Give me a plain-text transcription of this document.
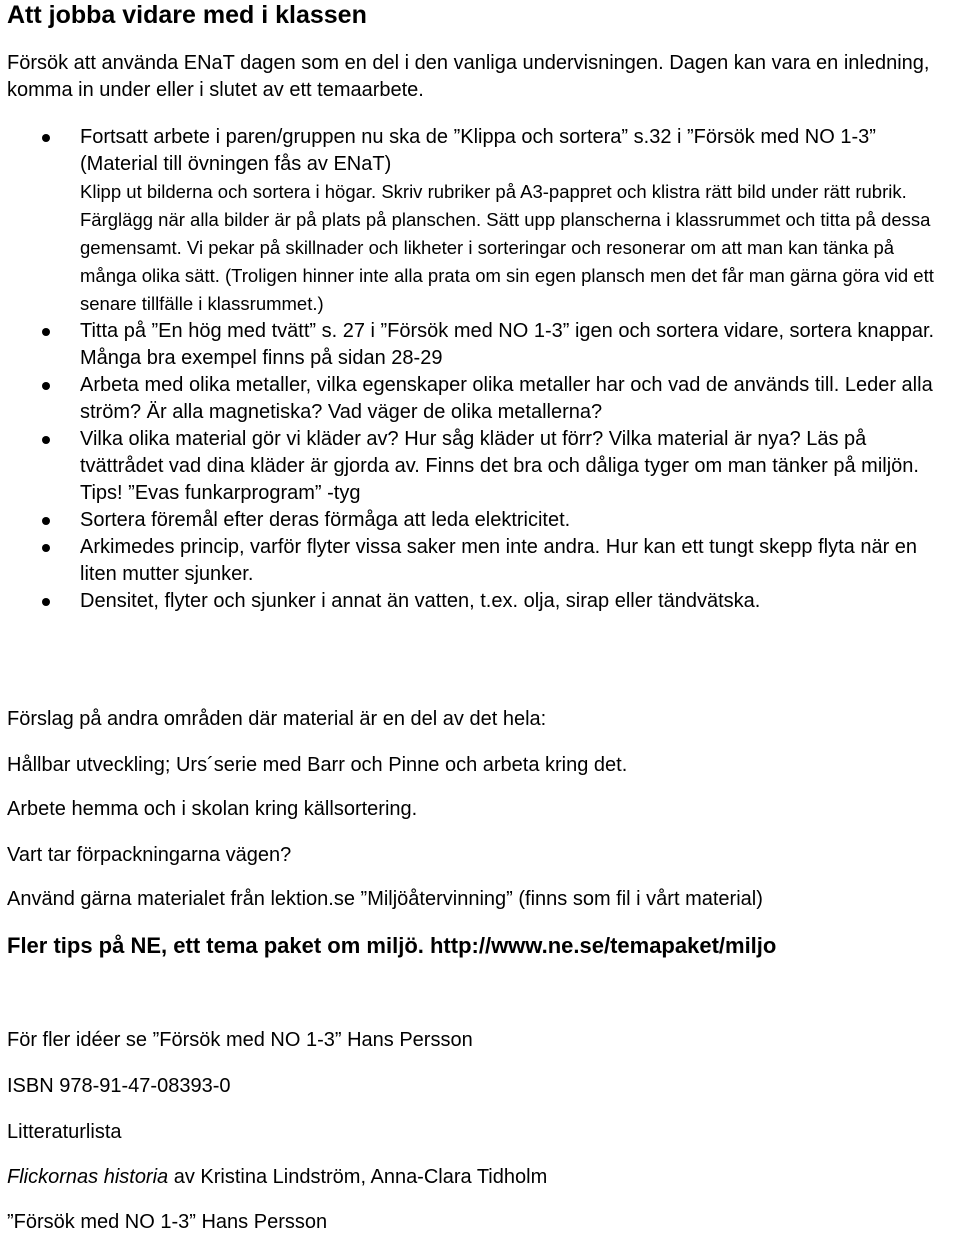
Att jobba vidare med i klassen

Försök att använda ENaT dagen som en del i den vanliga undervisningen. Dagen kan vara en inledning, komma in under eller i slutet av ett temaarbete.

Fortsatt arbete i paren/gruppen nu ska de ”Klippa och sortera” s.32 i ”Försök med NO 1-3” (Material till övningen fås av ENaT)
Klipp ut bilderna och sortera i högar. Skriv rubriker på A3-pappret och klistra rätt bild under rätt rubrik. Färglägg när alla bilder är på plats på planschen. Sätt upp planscherna i klassrummet och titta på dessa gemensamt. Vi pekar på skillnader och likheter i sorteringar och resonerar om att man kan tänka på många olika sätt. (Troligen hinner inte alla prata om sin egen plansch men det får man gärna göra vid ett senare tillfälle i klassrummet.)
Titta på ”En hög med tvätt” s. 27 i ”Försök med NO 1-3” igen och sortera vidare, sortera knappar. Många bra exempel finns på sidan 28-29
Arbeta med olika metaller, vilka egenskaper olika metaller har och vad de används till. Leder alla ström? Är alla magnetiska? Vad väger de olika metallerna?
Vilka olika material gör vi kläder av? Hur såg kläder ut förr? Vilka material är nya? Läs på tvättrådet vad dina kläder är gjorda av. Finns det bra och dåliga tyger om man tänker på miljön. Tips! ”Evas funkarprogram” -tyg
Sortera föremål efter deras förmåga att leda elektricitet.
Arkimedes princip, varför flyter vissa saker men inte andra. Hur kan ett tungt skepp flyta när en liten mutter sjunker.
Densitet, flyter och sjunker i annat än vatten, t.ex. olja, sirap eller tändvätska.

Förslag på andra områden där material är en del av det hela:

Hållbar utveckling; Urs´serie med Barr och Pinne och arbeta kring det.

Arbete hemma och i skolan kring källsortering.

Vart tar förpackningarna vägen?

Använd gärna materialet från lektion.se ”Miljöåtervinning” (finns som fil i vårt material)

Fler tips på NE, ett tema paket om miljö. http://www.ne.se/temapaket/miljo

För fler idéer se ”Försök med NO 1-3” Hans Persson

ISBN 978-91-47-08393-0

Litteraturlista

Flickornas historia av Kristina Lindström, Anna-Clara Tidholm

”Försök med NO 1-3” Hans Persson
